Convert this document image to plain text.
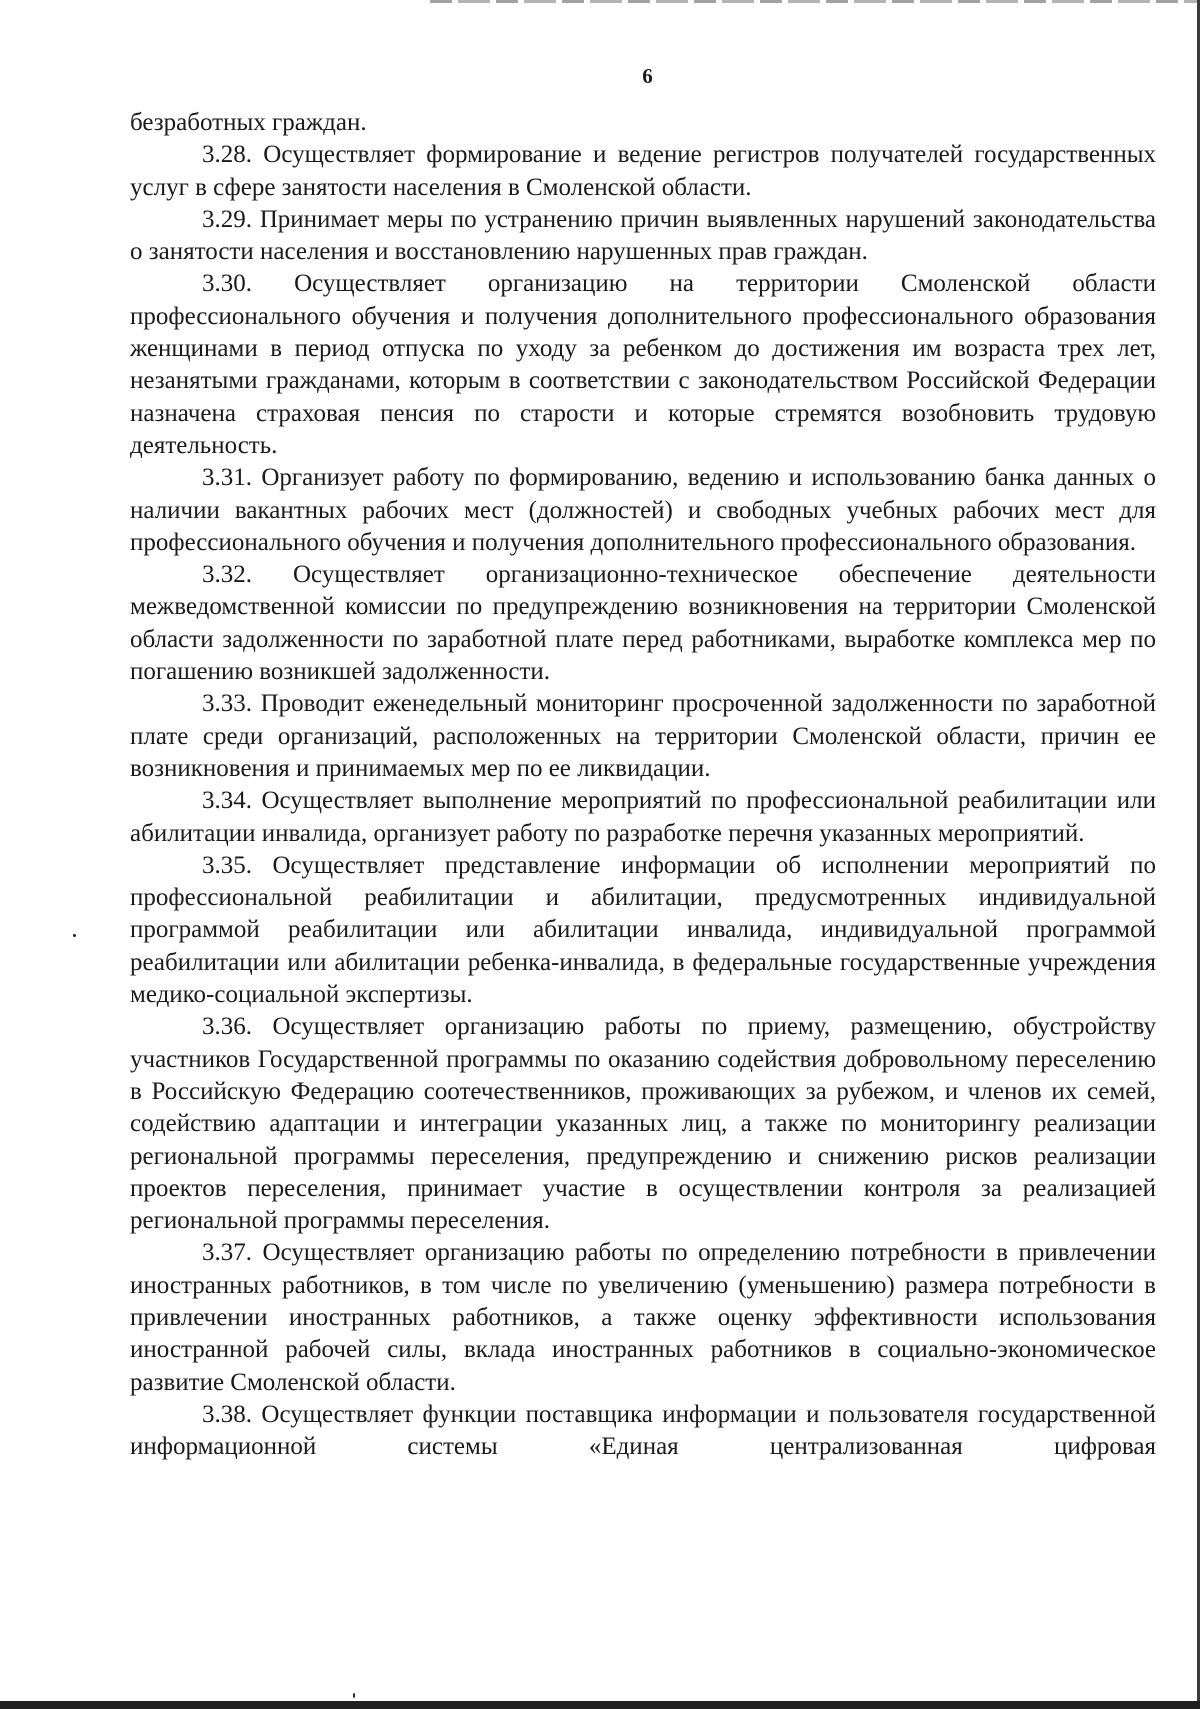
6

безработных граждан.

3.28. Осуществляет формирование и ведение регистров получателей государственных услуг в сфере занятости населения в Смоленской области.

3.29. Принимает меры по устранению причин выявленных нарушений законодательства о занятости населения и восстановлению нарушенных прав граждан.

3.30. Осуществляет организацию на территории Смоленской области профессионального обучения и получения дополнительного профессионального образования женщинами в период отпуска по уходу за ребенком до достижения им возраста трех лет, незанятыми гражданами, которым в соответствии с законодательством Российской Федерации назначена страховая пенсия по старости и которые стремятся возобновить трудовую деятельность.

3.31. Организует работу по формированию, ведению и использованию банка данных о наличии вакантных рабочих мест (должностей) и свободных учебных рабочих мест для профессионального обучения и получения дополнительного профессионального образования.

3.32. Осуществляет организационно-техническое обеспечение деятельности межведомственной комиссии по предупреждению возникновения на территории Смоленской области задолженности по заработной плате перед работниками, выработке комплекса мер по погашению возникшей задолженности.

3.33. Проводит еженедельный мониторинг просроченной задолженности по заработной плате среди организаций, расположенных на территории Смоленской области, причин ее возникновения и принимаемых мер по ее ликвидации.

3.34. Осуществляет выполнение мероприятий по профессиональной реабилитации или абилитации инвалида, организует работу по разработке перечня указанных мероприятий.

3.35. Осуществляет представление информации об исполнении мероприятий по профессиональной реабилитации и абилитации, предусмотренных индивидуальной программой реабилитации или абилитации инвалида, индивидуальной программой реабилитации или абилитации ребенка-инвалида, в федеральные государственные учреждения медико-социальной экспертизы.

3.36. Осуществляет организацию работы по приему, размещению, обустройству участников Государственной программы по оказанию содействия добровольному переселению в Российскую Федерацию соотечественников, проживающих за рубежом, и членов их семей, содействию адаптации и интеграции указанных лиц, а также по мониторингу реализации региональной программы переселения, предупреждению и снижению рисков реализации проектов переселения, принимает участие в осуществлении контроля за реализацией региональной программы переселения.

3.37. Осуществляет организацию работы по определению потребности в привлечении иностранных работников, в том числе по увеличению (уменьшению) размера потребности в привлечении иностранных работников, а также оценку эффективности использования иностранной рабочей силы, вклада иностранных работников в социально-экономическое развитие Смоленской области.

3.38. Осуществляет функции поставщика информации и пользователя государственной информационной системы «Единая централизованная цифровая
